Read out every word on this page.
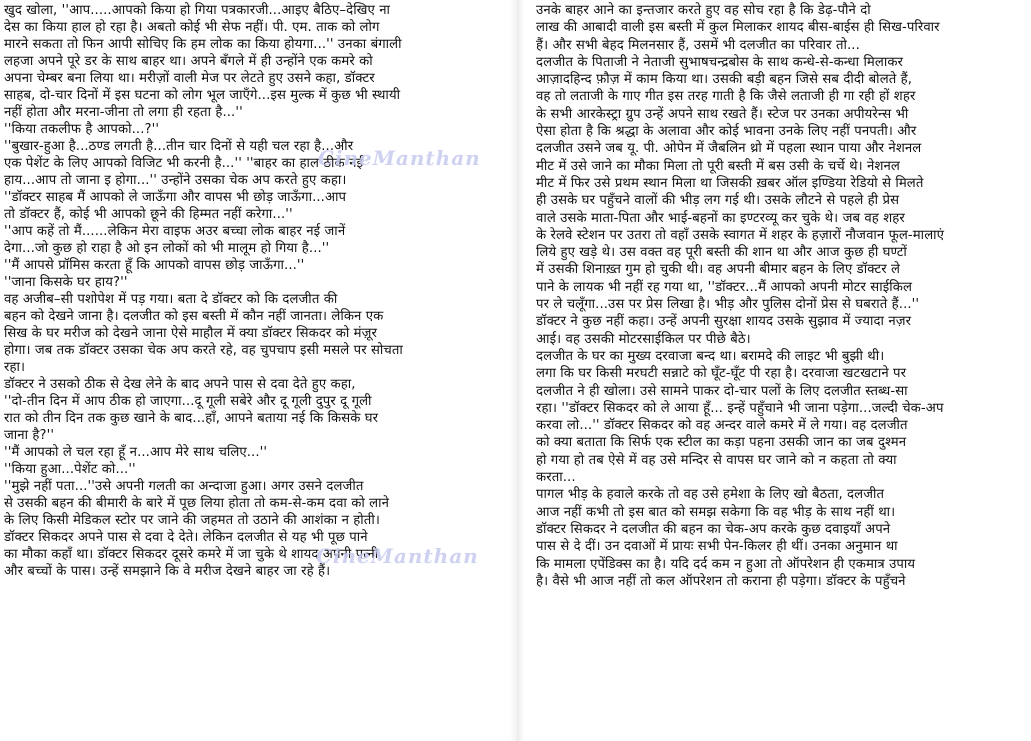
खुद खोला, ''आप.....आपको किया हो गिया पत्रकारजी...आइए बैठिए–देखिए ना
देस का किया हाल हो रहा है। अबतो कोई भी सेफ नहीं। पी. एम. ताक को लोग
मारने सकता तो फिन आपी सोचिए कि हम लोक का किया होयगा...'' उनका बंगाली
लहजा अपने पूरे डर के साथ बाहर था। अपने बँगले में ही उन्होंने एक कमरे को
अपना चेम्बर बना लिया था। मरीज़ों वाली मेज पर लेटते हुए उसने कहा, डॉक्टर
साहब, दो-चार दिनों में इस घटना को लोग भूल जाएँगे...इस मुल्क में कुछ भी स्थायी
नहीं होता और मरना-जीना तो लगा ही रहता है...''
''किया तकलीफ है आपको...?''
''बुखार-हुआ है...ठण्ड लगती है...तीन चार दिनों से यही चल रहा है...और
एक पेशेंट के लिए आपको विजिट भी करनी है...'' ''बाहर का हाल ठीक नई
हाय...आप तो जाना इ होगा...'' उन्होंने उसका चेक अप करते हुए कहा।
''डॉक्टर साहब मैं आपको ले जाऊँगा और वापस भी छोड़ जाऊँगा...आप
तो डॉक्टर हैं, कोई भी आपको छूने की हिम्मत नहीं करेगा...''
''आप कहें तो मैं......लेकिन मेरा वाइफ अउर बच्चा लोक बाहर नई जानें
देगा...जो कुछ हो राहा है ओ इन लोकों को भी मालूम हो गिया है...''
''मैं आपसे प्रॉमिस करता हूँ कि आपको वापस छोड़ जाऊँगा...''
''जाना किसके घर हाय?''
वह अजीब–सी पशोपेश में पड़ गया। बता दे डॉक्टर को कि दलजीत की
बहन को देखने जाना है। दलजीत को इस बस्ती में कौन नहीं जानता। लेकिन एक
सिख के घर मरीज को देखने जाना ऐसे माहौल में क्या डॉक्टर सिकदर को मंज़ूर
होगा। जब तक डॉक्टर उसका चेक अप करते रहे, वह चुपचाप इसी मसले पर सोचता
रहा।
डॉक्टर ने उसको ठीक से देख लेने के बाद अपने पास से दवा देते हुए कहा,
''दो-तीन दिन में आप ठीक हो जाएगा...दू गूली सबेरे और दू गूली दुपुर दू गूली
रात को तीन दिन तक कुछ खाने के बाद...हाँ, आपने बताया नई कि किसके घर
जाना है?''
''मैं आपको ले चल रहा हूँ न...आप मेरे साथ चलिए...''
''किया हुआ...पेशेंट को...''
''मुझे नहीं पता...''उसे अपनी गलती का अन्दाजा हुआ। अगर उसने दलजीत
से उसकी बहन की बीमारी के बारे में पूछ लिया होता तो कम-से-कम दवा को लाने
के लिए किसी मेडिकल स्टोर पर जाने की जहमत तो उठाने की आशंका न होती।
डॉक्टर सिकदर अपने पास से दवा दे देते। लेकिन दलजीत से यह भी पूछ पाने
का मौका कहाँ था। डॉक्टर सिकदर दूसरे कमरे में जा चुके थे शायद अपनी पत्नी
और बच्चों के पास। उन्हें समझाने कि वे मरीज देखने बाहर जा रहे हैं।
उनके बाहर आने का इन्तजार करते हुए वह सोच रहा है कि डेढ़-पौने दो
लाख की आबादी वाली इस बस्ती में कुल मिलाकर शायद बीस-बाईस ही सिख-परिवार
हैं। और सभी बेहद मिलनसार हैं, उसमें भी दलजीत का परिवार तो...
दलजीत के पिताजी ने नेताजी सुभाषचन्द्रबोस के साथ कन्धे-से-कन्धा मिलाकर
आज़ादहिन्द फ़ौज़ में काम किया था। उसकी बड़ी बहन जिसे सब दीदी बोलते हैं,
वह तो लताजी के गाए गीत इस तरह गाती है कि जैसे लताजी ही गा रही हों शहर
के सभी आरकेस्ट्रा ग्रुप उन्हें अपने साथ रखते हैं। स्टेज पर उनका अपीयरेन्स भी
ऐसा होता है कि श्रद्धा के अलावा और कोई भावना उनके लिए नहीं पनपती। और
दलजीत उसने जब यू. पी. ओपेन में जैबलिन थ्रो में पहला स्थान पाया और नेशनल
मीट में उसे जाने का मौका मिला तो पूरी बस्ती में बस उसी के चर्चे थे। नेशनल
मीट में फिर उसे प्रथम स्थान मिला था जिसकी ख़बर ऑल इण्डिया रेडियो से मिलते
ही उसके घर पहुँचने वालों की भीड़ लग गई थी। उसके लौटने से पहले ही प्रेस
वाले उसके माता-पिता और भाई-बहनों का इण्टरव्यू कर चुके थे। जब वह शहर
के रेलवे स्टेशन पर उतरा तो वहाँ उसके स्वागत में शहर के हज़ारों नौजवान फूल-मालाएं
लिये हुए खड़े थे। उस वक्त वह पूरी बस्ती की शान था और आज कुछ ही घण्टों
में उसकी शिनाख़्त गुम हो चुकी थी। वह अपनी बीमार बहन के लिए डॉक्टर ले
पाने के लायक भी नहीं रह गया था, ''डॉक्टर...मैं आपको अपनी मोटर साईकिल
पर ले चलूँगा...उस पर प्रेस लिखा है। भीड़ और पुलिस दोनों प्रेस से घबराते हैं...''
डॉक्टर ने कुछ नहीं कहा। उन्हें अपनी सुरक्षा शायद उसके सुझाव में ज्यादा नज़र
आई। वह उसकी मोटरसाईकिल पर पीछे बैठे।
दलजीत के घर का मुख्य दरवाजा बन्द था। बरामदे की लाइट भी बुझी थी।
लगा कि घर किसी मरघटी सन्नाटे को घूँट-घूँट पी रहा है। दरवाजा खटखटाने पर
दलजीत ने ही खोला। उसे सामने पाकर दो-चार पलों के लिए दलजीत स्तब्ध-सा
रहा। ''डॉक्टर सिकदर को ले आया हूँ... इन्हें पहुँचाने भी जाना पड़ेगा...जल्दी चेक-अप
करवा लो...'' डॉक्टर सिकदर को वह अन्दर वाले कमरे में ले गया। वह दलजीत
को क्या बताता कि सिर्फ एक स्टील का कड़ा पहना उसकी जान का जब दुश्मन
हो गया हो तब ऐसे में वह उसे मन्दिर से वापस घर जाने को न कहता तो क्या
करता...
पागल भीड़ के हवाले करके तो वह उसे हमेशा के लिए खो बैठता, दलजीत
आज नहीं कभी तो इस बात को समझ सकेगा कि वह भीड़ के साथ नहीं था।
डॉक्टर सिकदर ने दलजीत की बहन का चेक-अप करके कुछ दवाइयाँ अपने
पास से दे दीं। उन दवाओं में प्रायः सभी पेन-किलर ही थीं। उनका अनुमान था
कि मामला एपेंडिक्स का है। यदि दर्द कम न हुआ तो ऑपरेशन ही एकमात्र उपाय
है। वैसे भी आज नहीं तो कल ऑपरेशन तो कराना ही पड़ेगा। डॉक्टर के पहुँचने
CineManthan
CineManthan
